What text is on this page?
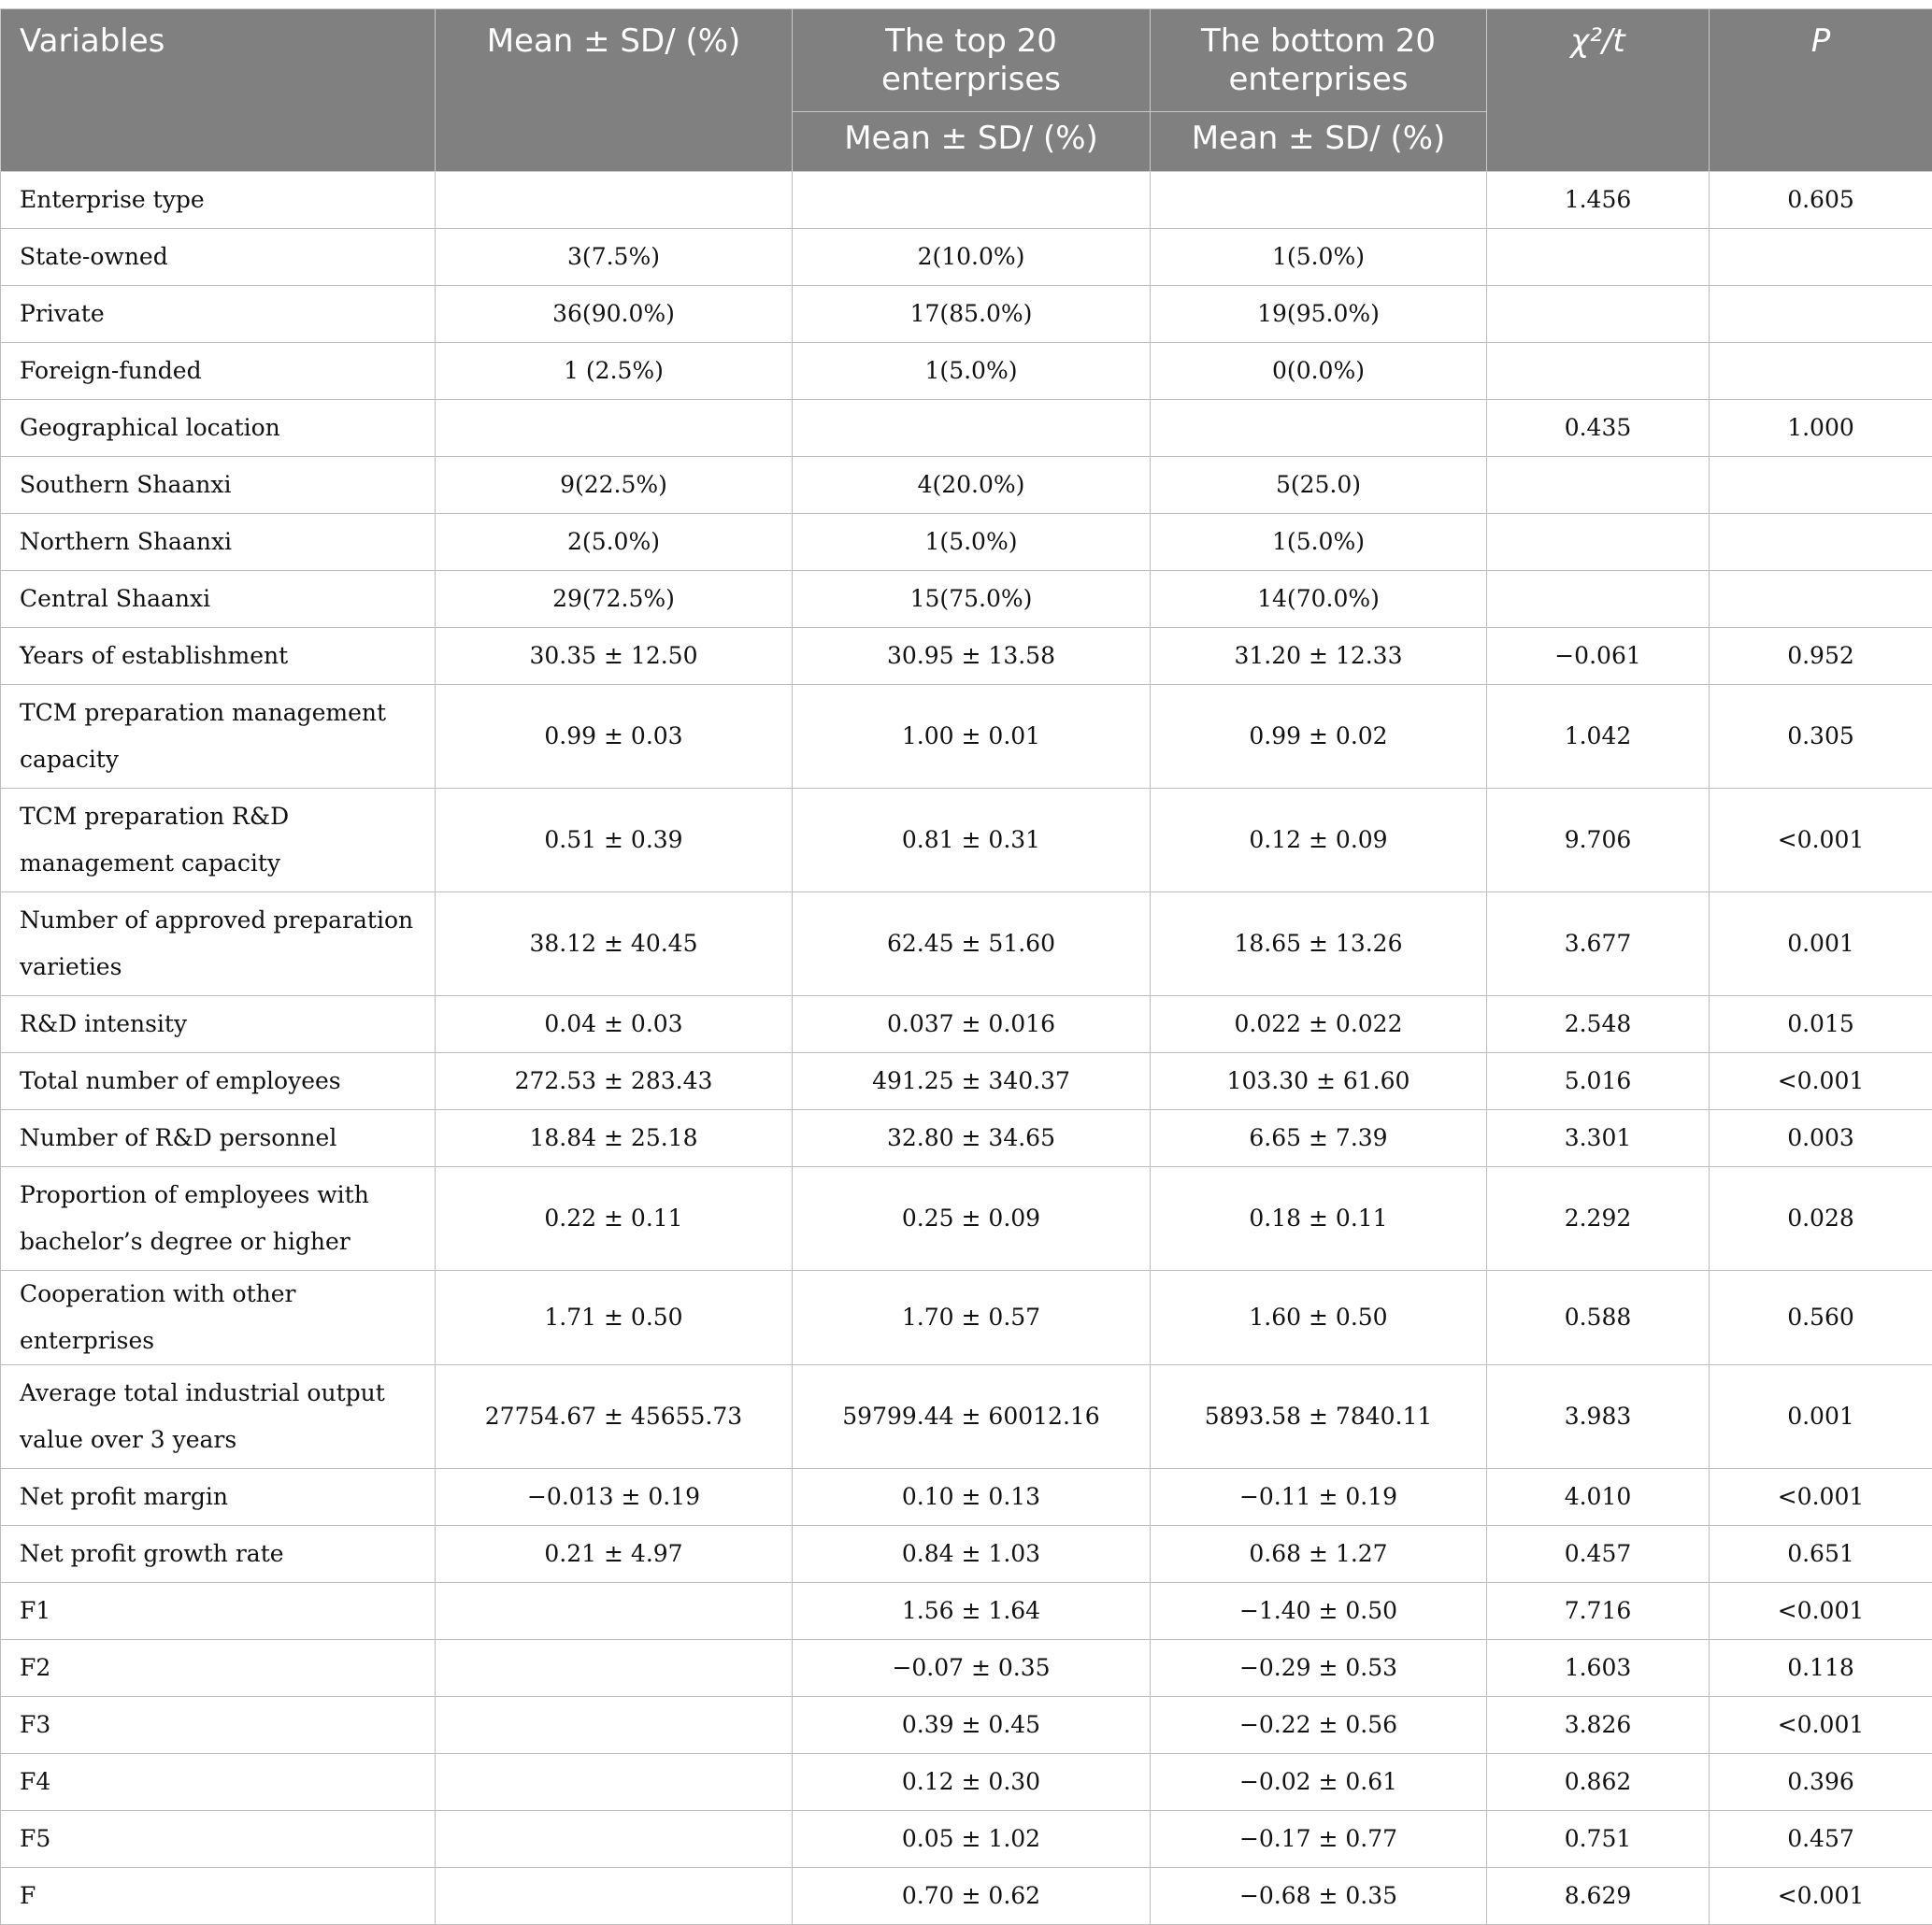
Variables	Mean ± SD/ (%)	The top 20 enterprises	The bottom 20 enterprises	χ²/t	P
		Mean ± SD/ (%)	Mean ± SD/ (%)		
Enterprise type				1.456	0.605
State-owned	3(7.5%)	2(10.0%)	1(5.0%)		
Private	36(90.0%)	17(85.0%)	19(95.0%)		
Foreign-funded	1 (2.5%)	1(5.0%)	0(0.0%)		
Geographical location				0.435	1.000
Southern Shaanxi	9(22.5%)	4(20.0%)	5(25.0)		
Northern Shaanxi	2(5.0%)	1(5.0%)	1(5.0%)		
Central Shaanxi	29(72.5%)	15(75.0%)	14(70.0%)		
Years of establishment	30.35 ± 12.50	30.95 ± 13.58	31.20 ± 12.33	−0.061	0.952
TCM preparation management capacity	0.99 ± 0.03	1.00 ± 0.01	0.99 ± 0.02	1.042	0.305
TCM preparation R&D management capacity	0.51 ± 0.39	0.81 ± 0.31	0.12 ± 0.09	9.706	<0.001
Number of approved preparation varieties	38.12 ± 40.45	62.45 ± 51.60	18.65 ± 13.26	3.677	0.001
R&D intensity	0.04 ± 0.03	0.037 ± 0.016	0.022 ± 0.022	2.548	0.015
Total number of employees	272.53 ± 283.43	491.25 ± 340.37	103.30 ± 61.60	5.016	<0.001
Number of R&D personnel	18.84 ± 25.18	32.80 ± 34.65	6.65 ± 7.39	3.301	0.003
Proportion of employees with bachelor’s degree or higher	0.22 ± 0.11	0.25 ± 0.09	0.18 ± 0.11	2.292	0.028
Cooperation with other enterprises	1.71 ± 0.50	1.70 ± 0.57	1.60 ± 0.50	0.588	0.560
Average total industrial output value over 3 years	27754.67 ± 45655.73	59799.44 ± 60012.16	5893.58 ± 7840.11	3.983	0.001
Net profit margin	−0.013 ± 0.19	0.10 ± 0.13	−0.11 ± 0.19	4.010	<0.001
Net profit growth rate	0.21 ± 4.97	0.84 ± 1.03	0.68 ± 1.27	0.457	0.651
F1		1.56 ± 1.64	−1.40 ± 0.50	7.716	<0.001
F2		−0.07 ± 0.35	−0.29 ± 0.53	1.603	0.118
F3		0.39 ± 0.45	−0.22 ± 0.56	3.826	<0.001
F4		0.12 ± 0.30	−0.02 ± 0.61	0.862	0.396
F5		0.05 ± 1.02	−0.17 ± 0.77	0.751	0.457
F		0.70 ± 0.62	−0.68 ± 0.35	8.629	<0.001
